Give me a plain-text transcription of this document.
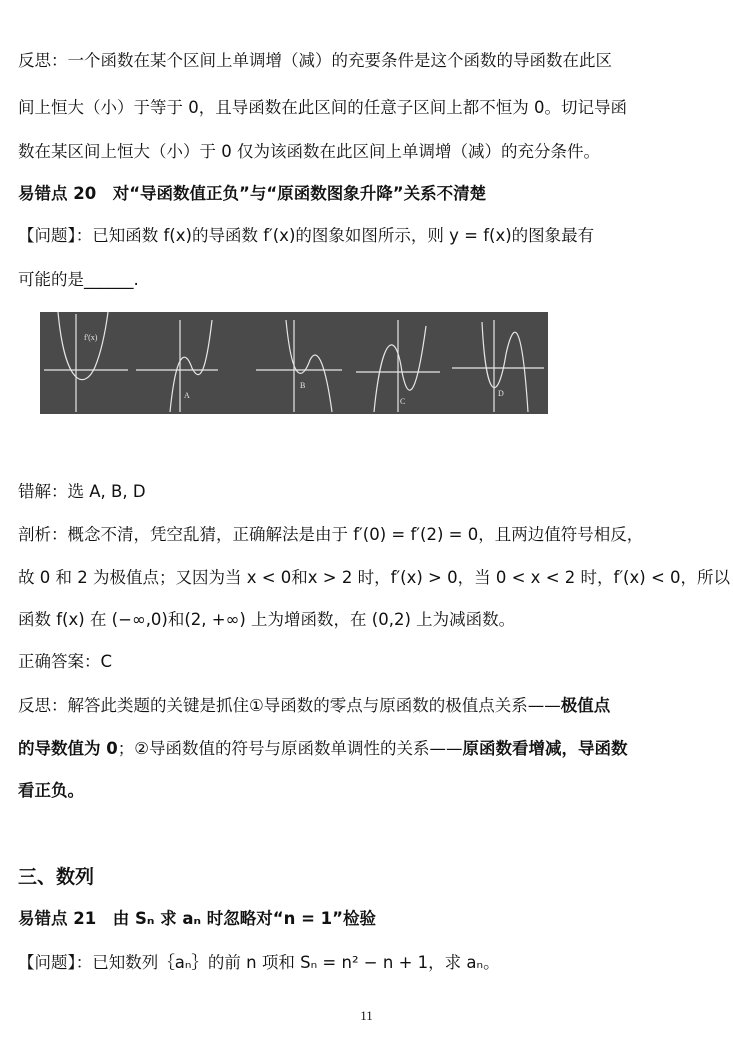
反思：一个函数在某个区间上单调增（减）的充要条件是这个函数的导函数在此区
间上恒大（小）于等于 0，且导函数在此区间的任意子区间上都不恒为 0。切记导函
数在某区间上恒大（小）于 0 仅为该函数在此区间上单调增（减）的充分条件。
易错点 20　对“导函数值正负”与“原函数图象升降”关系不清楚
【问题】：已知函数 f(x)的导函数 f′(x)的图象如图所示，则 y = f(x)的图象最有
可能的是______.
f'(x)
A
B
C
D
错解：选 A, B, D
剖析：概念不清，凭空乱猜，正确解法是由于 f′(0) = f′(2) = 0，且两边值符号相反，
故 0 和 2 为极值点；又因为当 x < 0和x > 2 时，f′(x) > 0，当 0 < x < 2 时，f′(x) < 0，所以
函数 f(x) 在 (−∞,0)和(2, +∞) 上为增函数，在 (0,2) 上为减函数。
正确答案：C
反思：解答此类题的关键是抓住①导函数的零点与原函数的极值点关系——极值点
的导数值为 0；②导函数值的符号与原函数单调性的关系——原函数看增减，导函数
看正负。
三、数列
易错点 21　由 Sₙ 求 aₙ 时忽略对“n = 1”检验
【问题】：已知数列｛aₙ｝的前 n 项和 Sₙ = n² − n + 1，求 aₙ。
11
